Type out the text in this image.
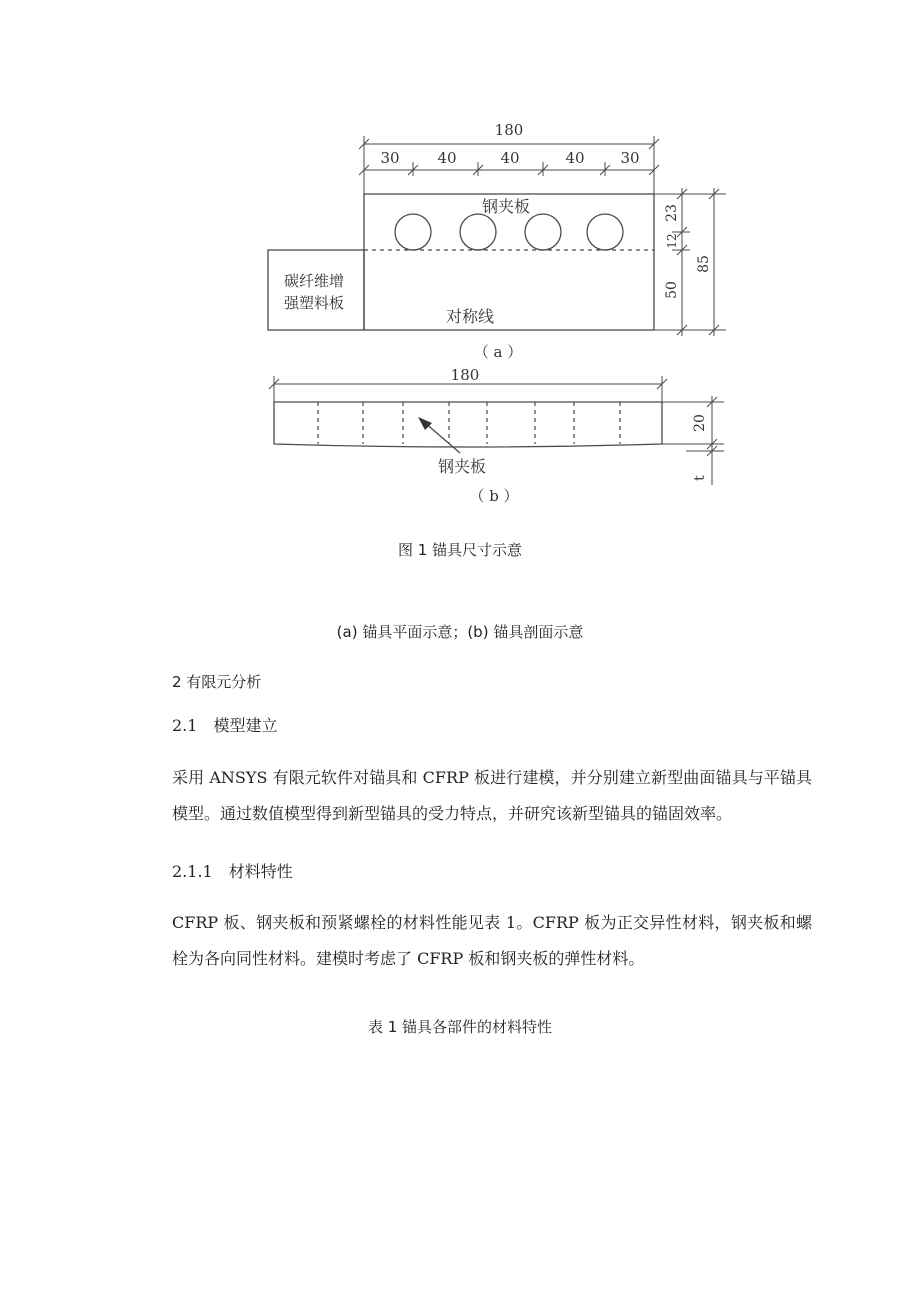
180
30	40	40	40 30
钢夹板
碳纤维增
强塑料板
对称线
23
12
50
85
（ a ）
180
钢夹板
20
t
（ b ）
图 1 锚具尺寸示意
(a) 锚具平面示意；(b) 锚具剖面示意
2 有限元分析
2.1　模型建立
采用 ANSYS 有限元软件对锚具和 CFRP 板进行建模，并分别建立新型曲面锚具与平锚具模型。通过数值模型得到新型锚具的受力特点，并研究该新型锚具的锚固效率。
2.1.1　材料特性
CFRP 板、钢夹板和预紧螺栓的材料性能见表 1。CFRP 板为正交异性材料，钢夹板和螺栓为各向同性材料。建模时考虑了 CFRP 板和钢夹板的弹性材料。
表 1 锚具各部件的材料特性
